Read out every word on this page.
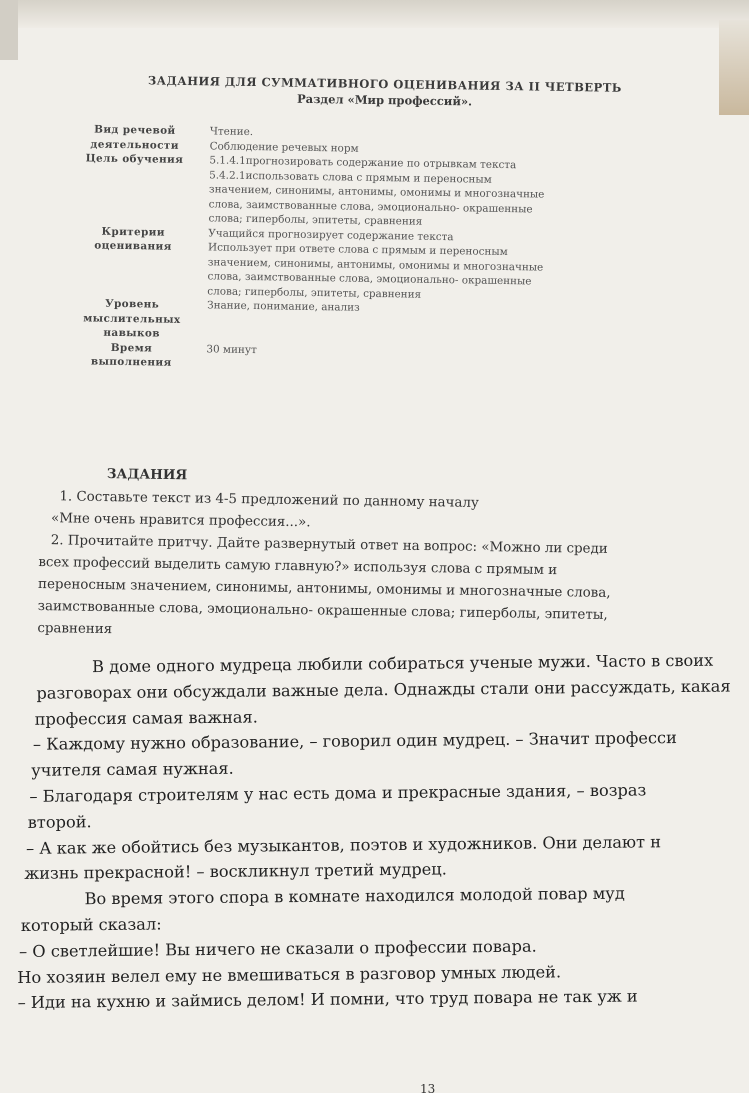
ЗАДАНИЯ ДЛЯ СУММАТИВНОГО ОЦЕНИВАНИЯ ЗА II ЧЕТВЕРТЬ

Раздел «Мир профессий».

Вид речевой
деятельности
Чтение.
Соблюдение речевых норм
Цель обучения	5.1.4.1прогнозировать содержание по отрывкам текста
5.4.2.1использовать слова с прямым и переносным
значением, синонимы, антонимы, омонимы и многозначные
слова, заимствованные слова, эмоционально- окрашенные
слова; гиперболы, эпитеты, сравнения
Критерии
оценивания
Учащийся прогнозирует содержание текста
Использует при ответе слова с прямым и переносным
значением, синонимы, антонимы, омонимы и многозначные
слова, заимствованные слова, эмоционально- окрашенные
слова; гиперболы, эпитеты, сравнения
Уровень
мыслительных
навыков
Знание, понимание, анализ
Время
выполнения
30 минут
ЗАДАНИЯ
1. Составьте текст из 4-5 предложений по данному началу
«Мне очень нравится профессия...».
2. Прочитайте притчу. Дайте развернутый ответ на вопрос: «Можно ли среди
всех профессий выделить самую главную?» используя слова с прямым и
переносным значением, синонимы, антонимы, омонимы и многозначные слова,
заимствованные слова, эмоционально- окрашенные слова; гиперболы, эпитеты,
сравнения
В доме одного мудреца любили собираться ученые мужи. Часто в своих
разговорах они обсуждали важные дела. Однажды стали они рассуждать, какая
профессия самая важная.
– Каждому нужно образование, – говорил один мудрец. – Значит професси
учителя самая нужная.
– Благодаря строителям у нас есть дома и прекрасные здания, – возраз
второй.
– А как же обойтись без музыкантов, поэтов и художников. Они делают н
жизнь прекрасной! – воскликнул третий мудрец.
Во время этого спора в комнате находился молодой повар муд
который сказал:
– О светлейшие! Вы ничего не сказали о профессии повара.
Но хозяин велел ему не вмешиваться в разговор умных людей.
– Иди на кухню и займись делом! И помни, что труд повара не так уж и
13
